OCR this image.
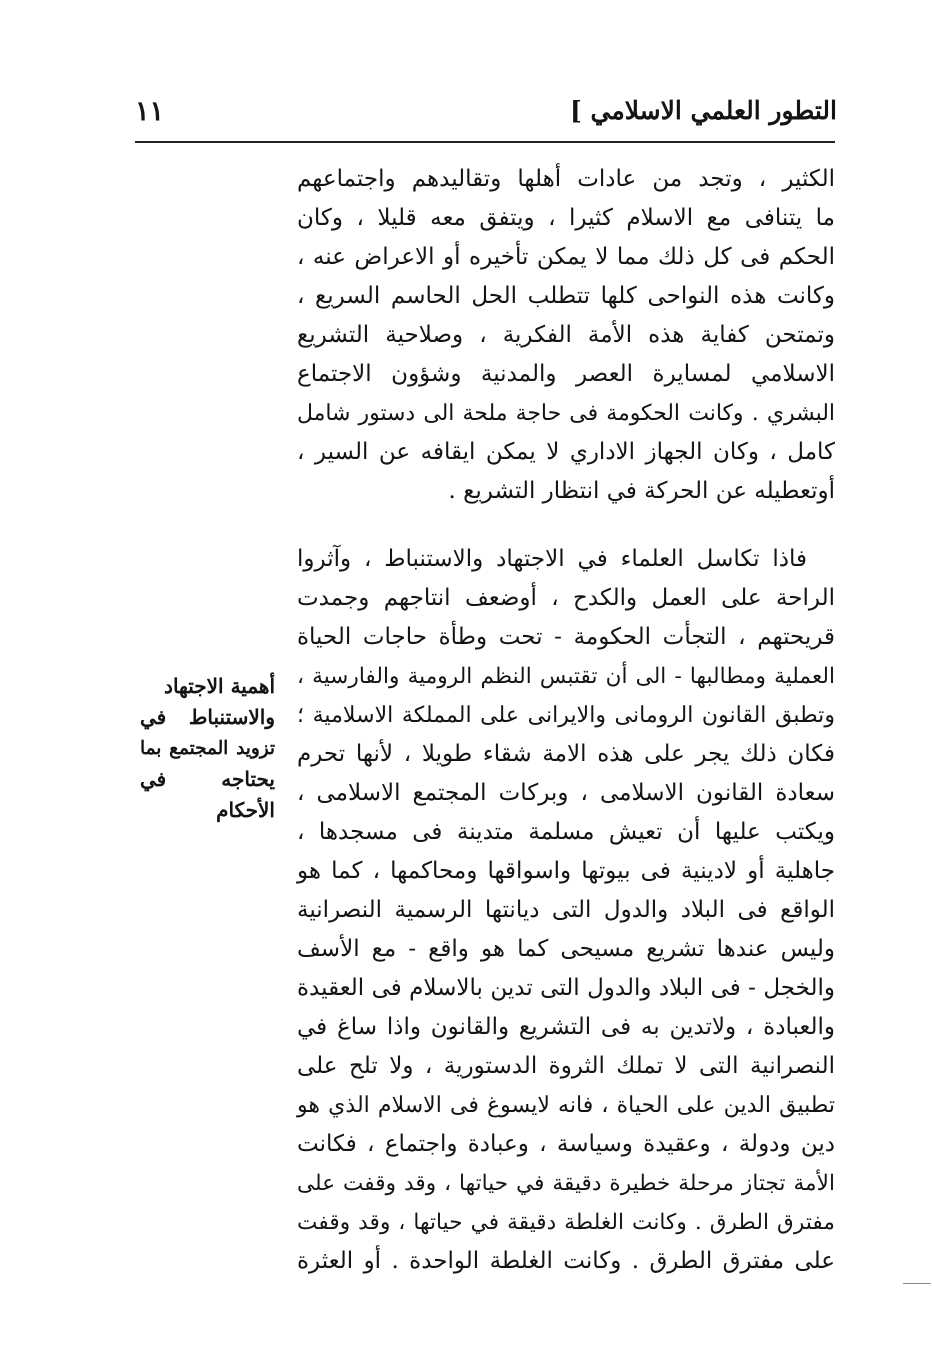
١١	التطور العلمي الاسلامي ]
الكثير ، وتجد من عادات أهلها وتقاليدهم واجتماعهم
ما يتنافى مع الاسلام كثيرا ، ويتفق معه قليلا ، وكان
الحكم فى كل ذلك مما لا يمكن تأخيره أو الاعراض عنه ،
وكانت هذه النواحى كلها تتطلب الحل الحاسم السريع ،
وتمتحن كفاية هذه الأمة الفكرية ، وصلاحية التشريع
الاسلامي لمسايرة العصر والمدنية وشؤون الاجتماع
البشري . وكانت الحكومة فى حاجة ملحة الى دستور شامل
كامل ، وكان الجهاز الاداري لا يمكن ايقافه عن السير ،
أوتعطيله عن الحركة في انتظار التشريع .
فاذا تكاسل العلماء في الاجتهاد والاستنباط ، وآثروا
الراحة على العمل والكدح ، أوضعف انتاجهم وجمدت
قريحتهم ، التجأت الحكومة - تحت وطأة حاجات الحياة
العملية ومطالبها - الى أن تقتبس النظم الرومية والفارسية ،
وتطبق القانون الرومانى والايرانى على المملكة الاسلامية ؛
فكان ذلك يجر على هذه الامة شقاء طويلا ، لأنها تحرم
سعادة القانون الاسلامى ، وبركات المجتمع الاسلامى ،
ويكتب عليها أن تعيش مسلمة متدينة فى مسجدها ،
جاهلية أو لادينية فى بيوتها واسواقها ومحاكمها ، كما هو
الواقع فى البلاد والدول التى ديانتها الرسمية النصرانية
وليس عندها تشريع مسيحى كما هو واقع - مع الأسف
والخجل - فى البلاد والدول التى تدين بالاسلام فى العقيدة
والعبادة ، ولاتدين به فى التشريع والقانون واذا ساغ في
النصرانية التى لا تملك الثروة الدستورية ، ولا تلح على
تطبيق الدين على الحياة ، فانه لايسوغ فى الاسلام الذي هو
دين ودولة ، وعقيدة وسياسة ، وعبادة واجتماع ، فكانت
الأمة تجتاز مرحلة خطيرة دقيقة في حياتها ، وقد وقفت على
مفترق الطرق . وكانت الغلطة دقيقة في حياتها ، وقد وقفت
على مفترق الطرق . وكانت الغلطة الواحدة . أو العثرة
أهمية الاجتهاد
والاستنباط في
تزويد المجتمع بما
يحتاجه في
الأحكام
